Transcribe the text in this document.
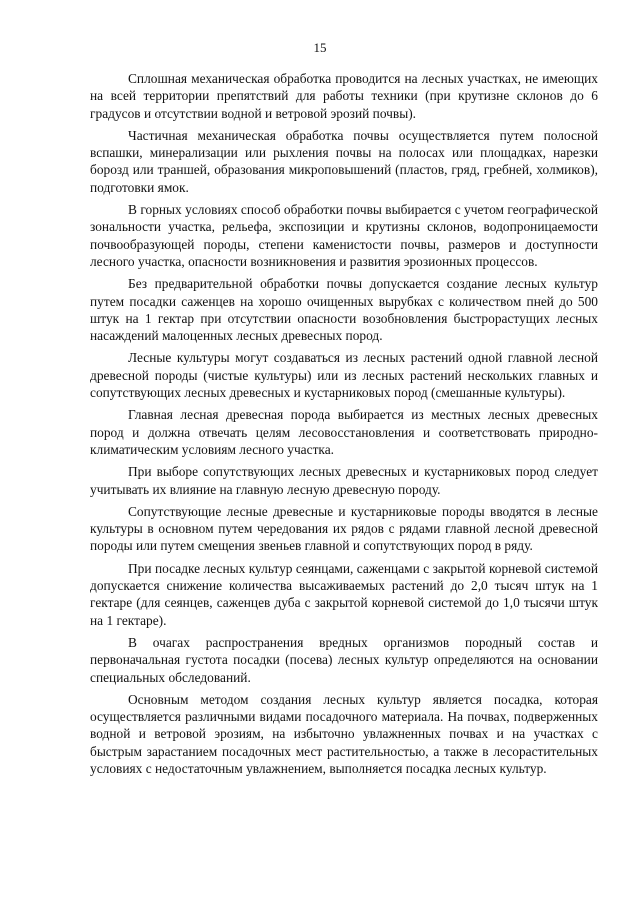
15

Сплошная механическая обработка проводится на лесных участках, не имеющих на всей территории препятствий для работы техники (при крутизне склонов до 6 градусов и отсутствии водной и ветровой эрозий почвы).

Частичная механическая обработка почвы осуществляется путем полосной вспашки, минерализации или рыхления почвы на полосах или площадках, нарезки борозд или траншей, образования микроповышений (пластов, гряд, гребней, холмиков), подготовки ямок.

В горных условиях способ обработки почвы выбирается с учетом географической зональности участка, рельефа, экспозиции и крутизны склонов, водопроницаемости почвообразующей породы, степени каменистости почвы, размеров и доступности лесного участка, опасности возникновения и развития эрозионных процессов.

Без предварительной обработки почвы допускается создание лесных культур путем посадки саженцев на хорошо очищенных вырубках с количеством пней до 500 штук на 1 гектар при отсутствии опасности возобновления быстрорастущих лесных насаждений малоценных лесных древесных пород.

Лесные культуры могут создаваться из лесных растений одной главной лесной древесной породы (чистые культуры) или из лесных растений нескольких главных и сопутствующих лесных древесных и кустарниковых пород (смешанные культуры).

Главная лесная древесная порода выбирается из местных лесных древесных пород и должна отвечать целям лесовосстановления и соответствовать природно-климатическим условиям лесного участка.

При выборе сопутствующих лесных древесных и кустарниковых пород следует учитывать их влияние на главную лесную древесную породу.

Сопутствующие лесные древесные и кустарниковые породы вводятся в лесные культуры в основном путем чередования их рядов с рядами главной лесной древесной породы или путем смещения звеньев главной и сопутствующих пород в ряду.

При посадке лесных культур сеянцами, саженцами с закрытой корневой системой допускается снижение количества высаживаемых растений до 2,0 тысяч штук на 1 гектаре (для сеянцев, саженцев дуба с закрытой корневой системой до 1,0 тысячи штук на 1 гектаре).

В очагах распространения вредных организмов породный состав и первоначальная густота посадки (посева) лесных культур определяются на основании специальных обследований.

Основным методом создания лесных культур является посадка, которая осуществляется различными видами посадочного материала. На почвах, подверженных водной и ветровой эрозиям, на избыточно увлажненных почвах и на участках с быстрым зарастанием посадочных мест растительностью, а также в лесорастительных условиях с недостаточным увлажнением, выполняется посадка лесных культур.
